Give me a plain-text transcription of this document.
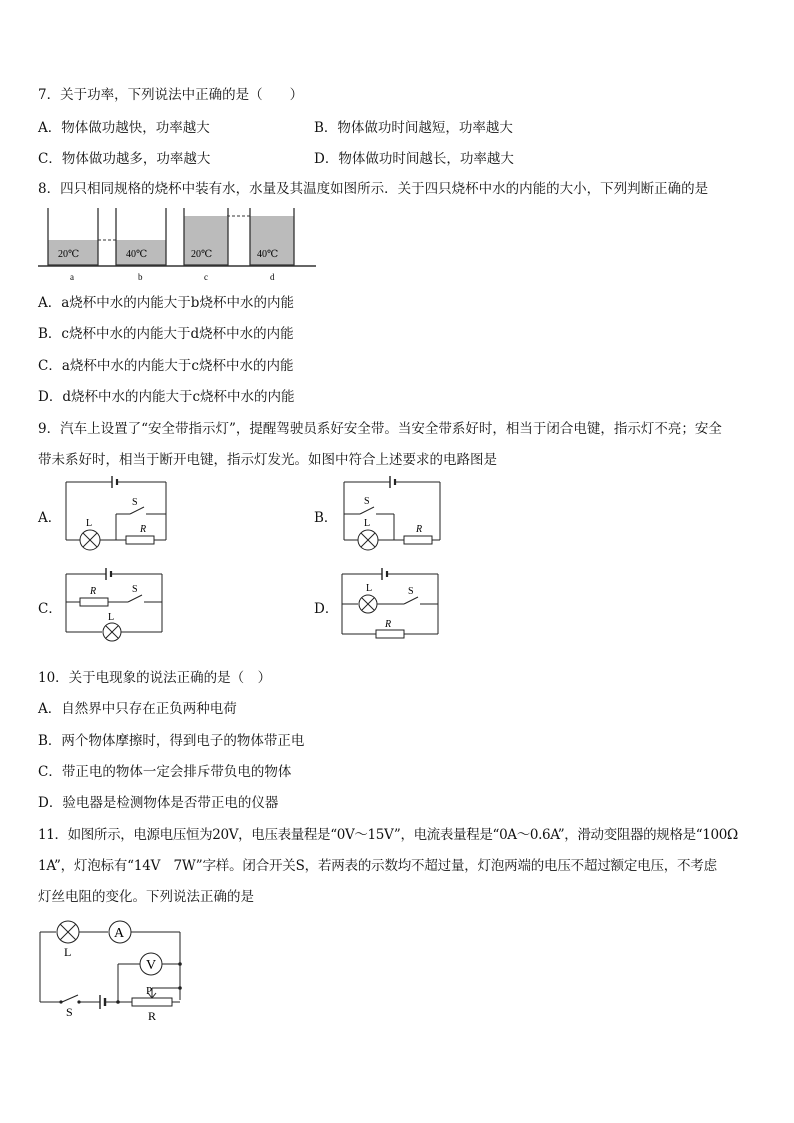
7．关于功率，下列说法中正确的是（　　）
A．物体做功越快，功率越大	B．物体做功时间越短，功率越大
C．物体做功越多，功率越大	D．物体做功时间越长，功率越大
8．四只相同规格的烧杯中装有水，水量及其温度如图所示．关于四只烧杯中水的内能的大小，下列判断正确的是
20℃
a
40℃
b
20℃
c
40℃
d
A．a烧杯中水的内能大于b烧杯中水的内能
B．c烧杯中水的内能大于d烧杯中水的内能
C．a烧杯中水的内能大于c烧杯中水的内能
D．d烧杯中水的内能大于c烧杯中水的内能
9．汽车上设置了“安全带指示灯”，提醒驾驶员系好安全带。当安全带系好时，相当于闭合电键，指示灯不亮；安全
带未系好时，相当于断开电键，指示灯发光。如图中符合上述要求的电路图是
A．
S
L
R
B．
S
L
R
C．
R	S
L
D．
L	S
R
10．关于电现象的说法正确的是（　）
A．自然界中只存在正负两种电荷
B．两个物体摩擦时，得到电子的物体带正电
C．带正电的物体一定会排斥带负电的物体
D．验电器是检测物体是否带正电的仪器
11．如图所示，电源电压恒为20V，电压表量程是“0V～15V”，电流表量程是“0A～0.6A”，滑动变阻器的规格是“100Ω
1A”，灯泡标有“14V　7W”字样。闭合开关S，若两表的示数均不超过量，灯泡两端的电压不超过额定电压，不考虑
灯丝电阻的变化。下列说法正确的是
A
V
L
P
S	R
